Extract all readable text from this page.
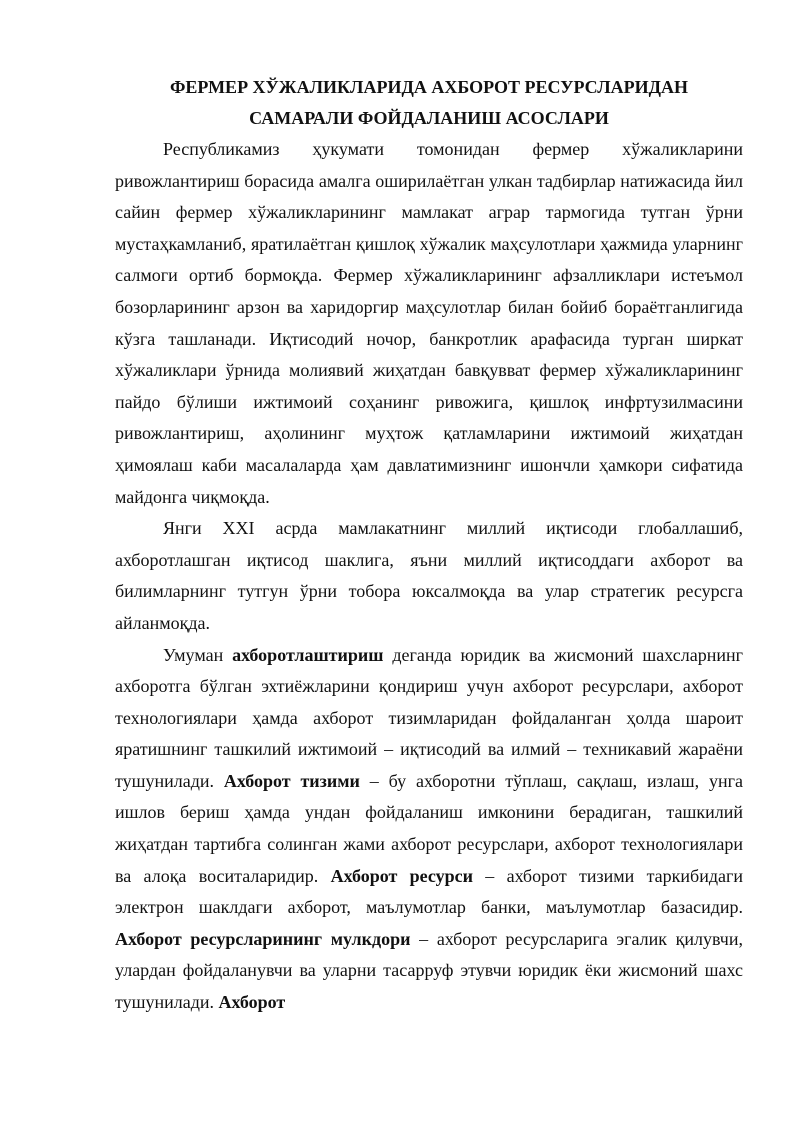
ФЕРМЕР ХЎЖАЛИКЛАРИДА АХБОРОТ РЕСУРСЛАРИДАН
САМАРАЛИ ФОЙДАЛАНИШ АСОСЛАРИ

Республикамиз ҳукумати томонидан фермер хўжаликларини ривожлантириш борасида амалга оширилаётган улкан тадбирлар натижасида йил сайин фермер хўжаликларининг мамлакат аграр тармогида тутган ўрни мустаҳкамланиб, яратилаётган қишлоқ хўжалик маҳсулотлари ҳажмида уларнинг салмоги ортиб бормоқда. Фермер хўжаликларининг афзалликлари истеъмол бозорларининг арзон ва харидоргир маҳсулотлар билан бойиб бораётганлигида кўзга ташланади. Иқтисодий ночор, банкротлик арафасида турган ширкат хўжаликлари ўрнида молиявий жиҳатдан бавқувват фермер хўжаликларининг пайдо бўлиши ижтимоий соҳанинг ривожига, қишлоқ инфртузилмасини ривожлантириш, аҳолининг муҳтож қатламларини ижтимоий жиҳатдан ҳимоялаш каби масалаларда ҳам давлатимизнинг ишончли ҳамкори сифатида майдонга чиқмоқда.

Янги XXI асрда мамлакатнинг миллий иқтисоди глобаллашиб, ахборотлашган иқтисод шаклига, яъни миллий иқтисоддаги ахборот ва билимларнинг тутгун ўрни тобора юксалмоқда ва улар стратегик ресурсга айланмоқда.

Умуман ахборотлаштириш деганда юридик ва жисмоний шахсларнинг ахборотга бўлган эхтиёжларини қондириш учун ахборот ресурслари, ахборот технологиялари ҳамда ахборот тизимларидан фойдаланган ҳолда шароит яратишнинг ташкилий ижтимоий – иқтисодий ва илмий – техникавий жараёни тушунилади. Ахборот тизими – бу ахборотни тўплаш, сақлаш, излаш, унга ишлов бериш ҳамда ундан фойдаланиш имконини берадиган, ташкилий жиҳатдан тартибга солинган жами ахборот ресурслари, ахборот технологиялари ва алоқа воситаларидир. Ахборот ресурси – ахборот тизими таркибидаги электрон шаклдаги ахборот, маълумотлар банки, маълумотлар базасидир. Ахборот ресурсларининг мулкдори – ахборот ресурсларига эгалик қилувчи, улардан фойдаланувчи ва уларни тасарруф этувчи юридик ёки жисмоний шахс тушунилади. Ахборот
